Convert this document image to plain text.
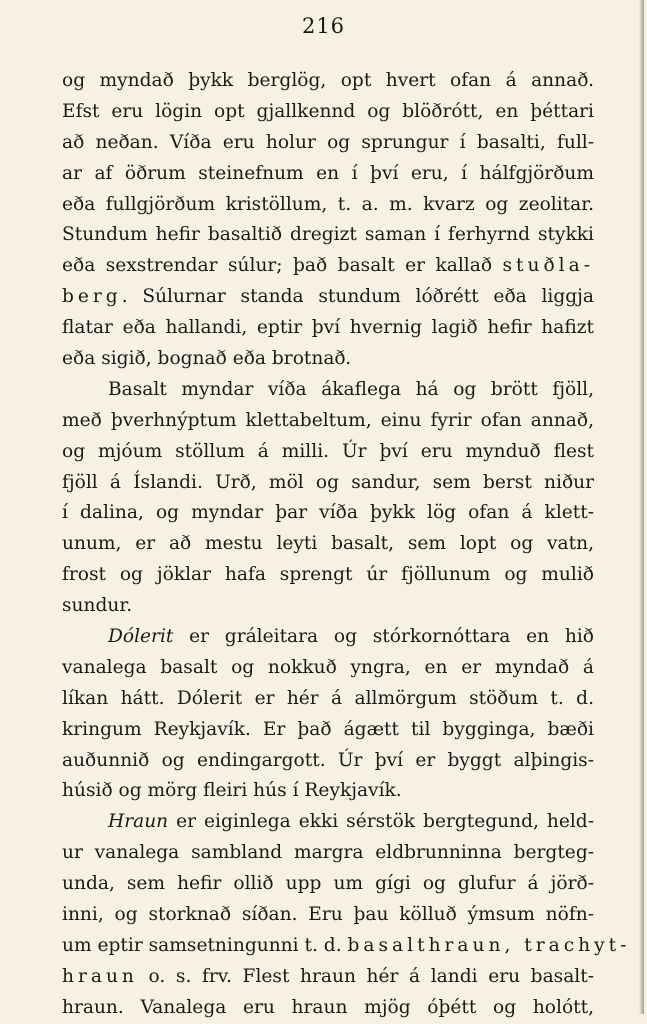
216
og myndað þykk berglög, opt hvert ofan á annað.
Efst eru lögin opt gjallkennd og blöðrótt, en þéttari
að neðan. Víða eru holur og sprungur í basalti, full-
ar af öðrum steinefnum en í því eru, í hálfgjörðum
eða fullgjörðum kristöllum, t. a. m. kvarz og zeolitar.
Stundum hefir basaltið dregizt saman í ferhyrnd stykki
eða sexstrendar súlur; það basalt er kallað stuðla-
berg. Súlurnar standa stundum lóðrétt eða liggja
flatar eða hallandi, eptir því hvernig lagið hefir hafizt
eða sigið, bognað eða brotnað.
Basalt myndar víða ákaflega há og brött fjöll,
með þverhnýptum klettabeltum, einu fyrir ofan annað,
og mjóum stöllum á milli. Úr því eru mynduð flest
fjöll á Íslandi. Urð, möl og sandur, sem berst niður
í dalina, og myndar þar víða þykk lög ofan á klett-
unum, er að mestu leyti basalt, sem lopt og vatn,
frost og jöklar hafa sprengt úr fjöllunum og mulið
sundur.
Dólerit er gráleitara og stórkornóttara en hið
vanalega basalt og nokkuð yngra, en er myndað á
líkan hátt. Dólerit er hér á allmörgum stöðum t. d.
kringum Reykjavík. Er það ágætt til bygginga, bæði
auðunnið og endingargott. Úr því er byggt alþingis-
húsið og mörg fleiri hús í Reykjavík.
Hraun er eiginlega ekki sérstök bergtegund, held-
ur vanalega sambland margra eldbrunninna bergteg-
unda, sem hefir ollið upp um gígi og glufur á jörð-
inni, og storknað síðan. Eru þau kölluð ýmsum nöfn-
um eptir samsetningunni t. d. basalthraun, trachyt-
hraun o. s. frv. Flest hraun hér á landi eru basalt-
hraun. Vanalega eru hraun mjög óþétt og holótt,
